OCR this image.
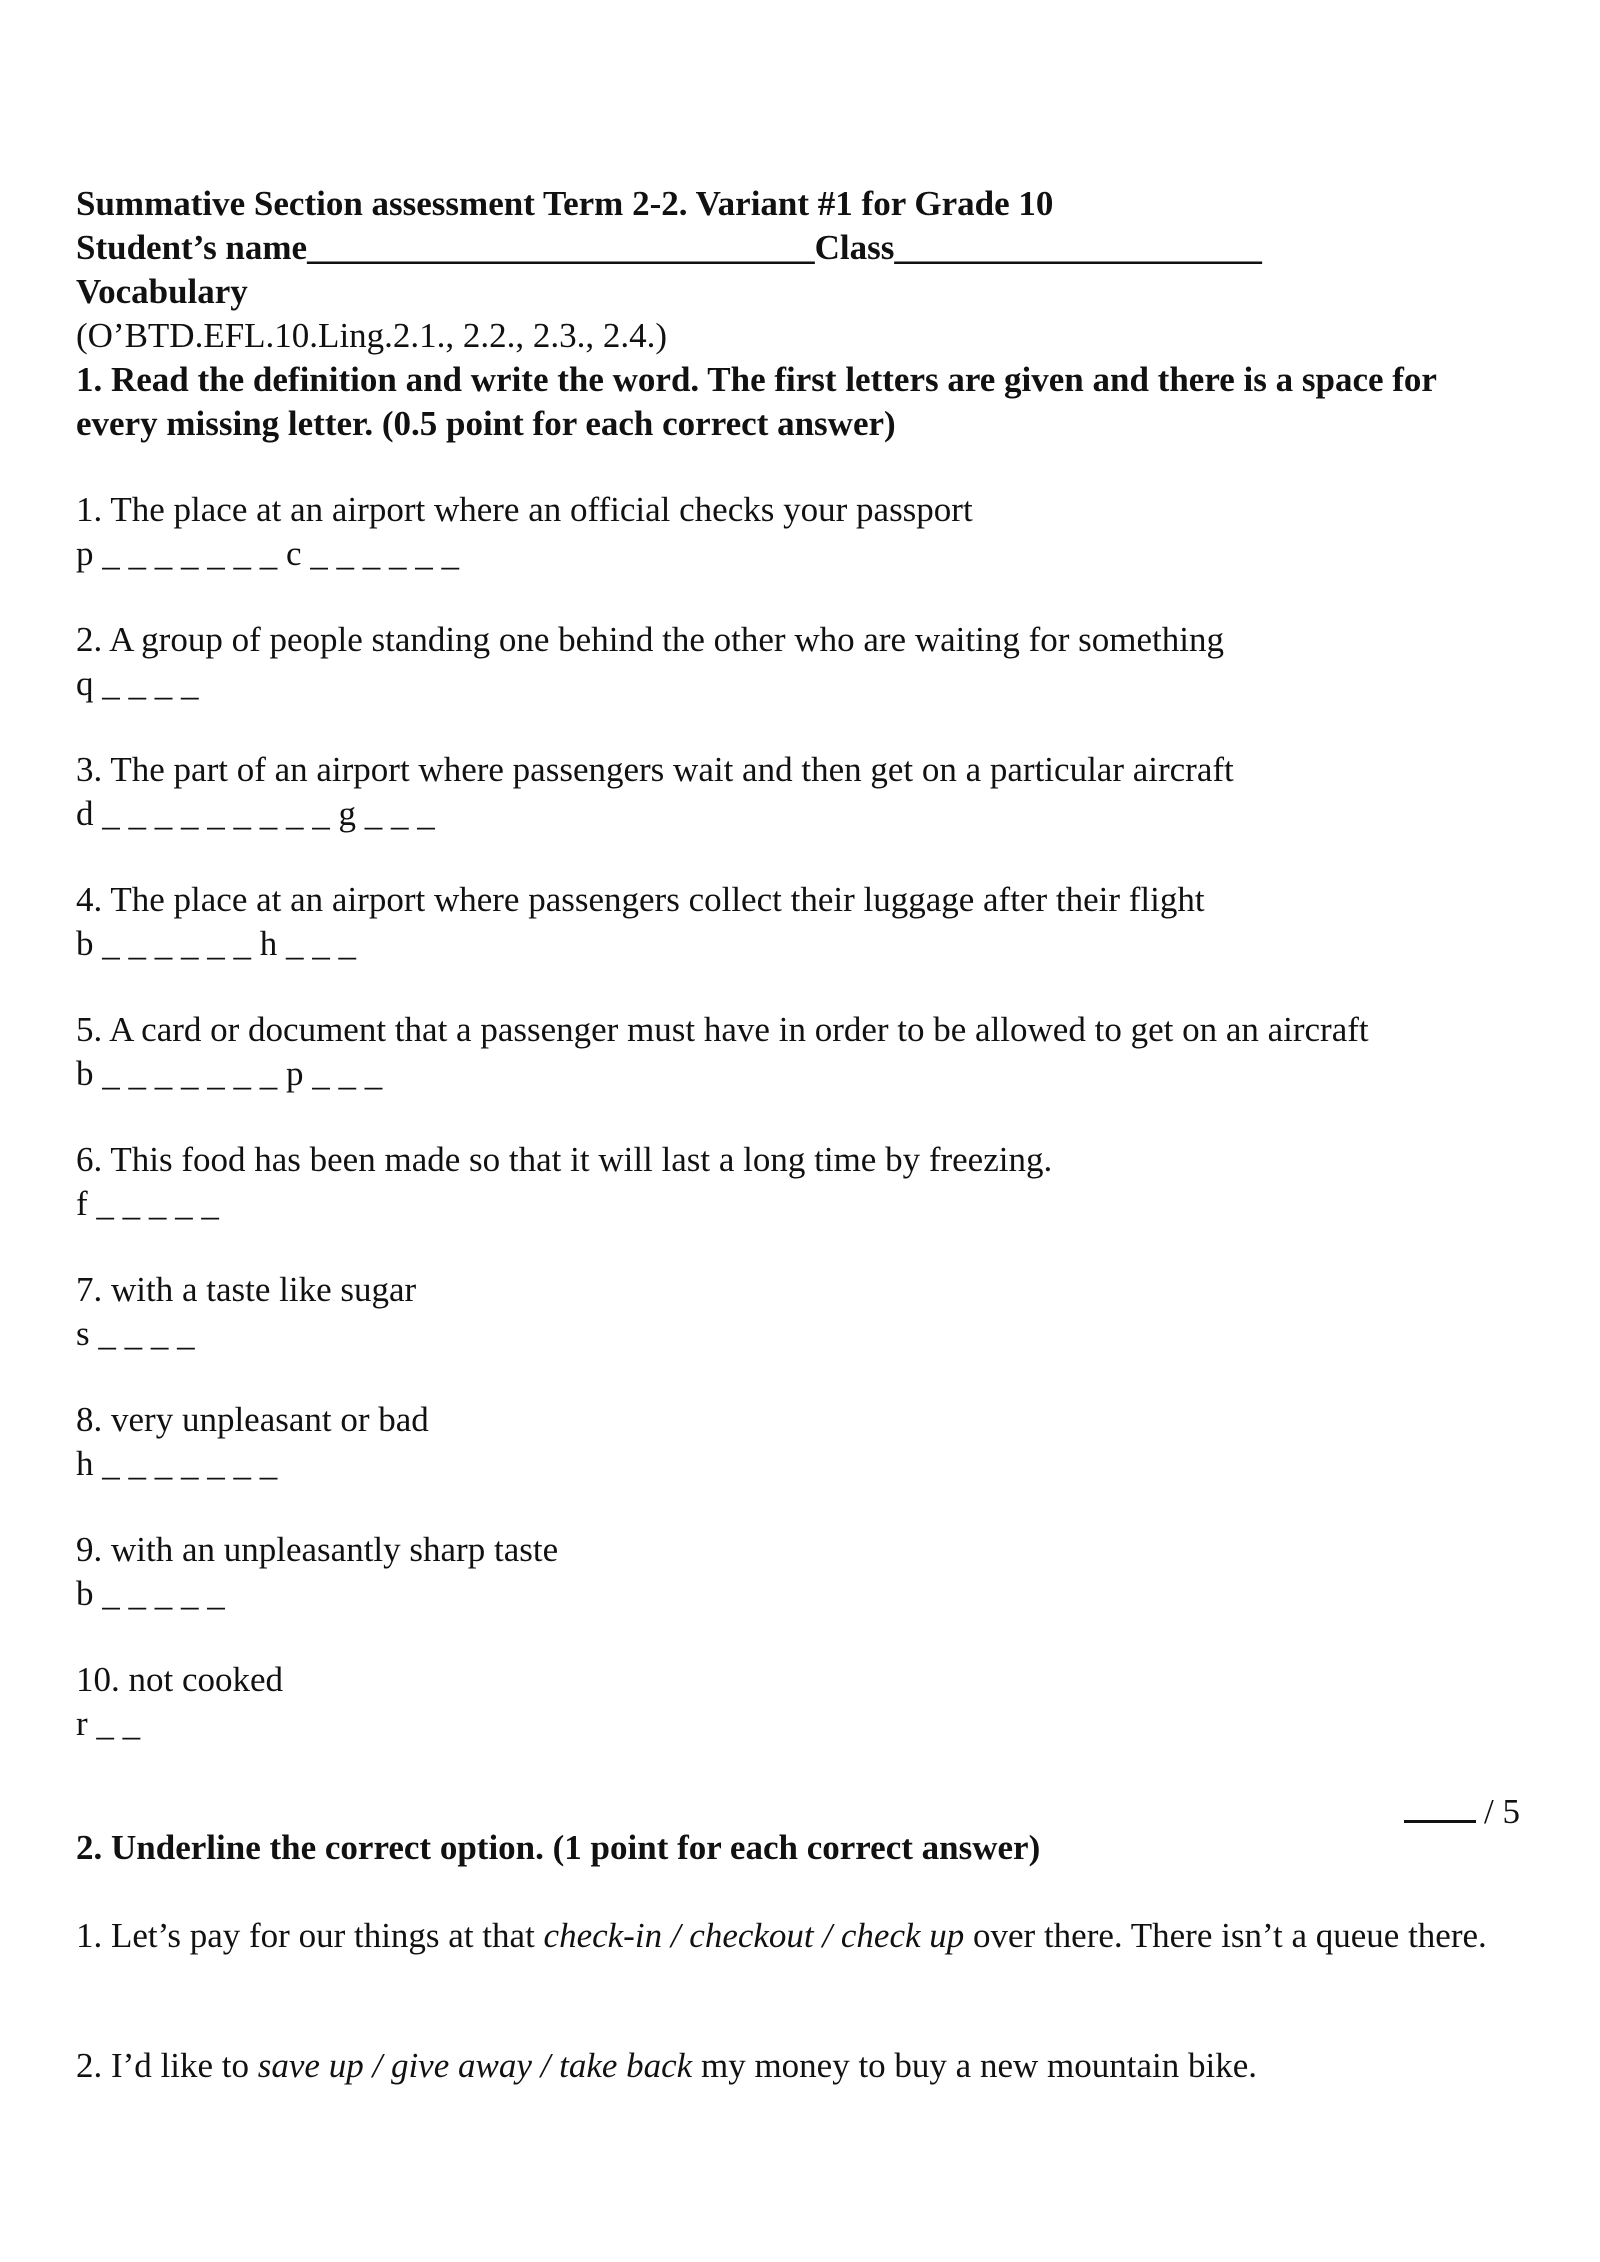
Summative Section assessment Term 2-2. Variant #1 for Grade 10
Student’s name_____________________________Class_____________________
Vocabulary
(O’BTD.EFL.10.Ling.2.1., 2.2., 2.3., 2.4.)
1. Read the definition and write the word. The first letters are given and there is a space for every missing letter. (0.5 point for each correct answer)
1. The place at an airport where an official checks your passport
p _ _ _ _ _ _ _ c _ _ _ _ _ _
2. A group of people standing one behind the other who are waiting for something
q _ _ _ _
3. The part of an airport where passengers wait and then get on a particular aircraft
d _ _ _ _ _ _ _ _ _ g _ _ _
4. The place at an airport where passengers collect their luggage after their flight
b _ _ _ _ _ _ h _ _ _
5. A card or document that a passenger must have in order to be allowed to get on an aircraft
b _ _ _ _ _ _ _ p _ _ _
6. This food has been made so that it will last a long time by freezing.
f _ _ _ _ _
7. with a taste like sugar
s _ _ _ _
8. very unpleasant or bad
h _ _ _ _ _ _ _
9. with an unpleasantly sharp taste
b _ _ _ _ _
10. not cooked
r _ _
/ 5
2. Underline the correct option. (1 point for each correct answer)
1. Let’s pay for our things at that check-in / checkout / check up over there. There isn’t a queue there.
2. I’d like to save up / give away / take back my money to buy a new mountain bike.
